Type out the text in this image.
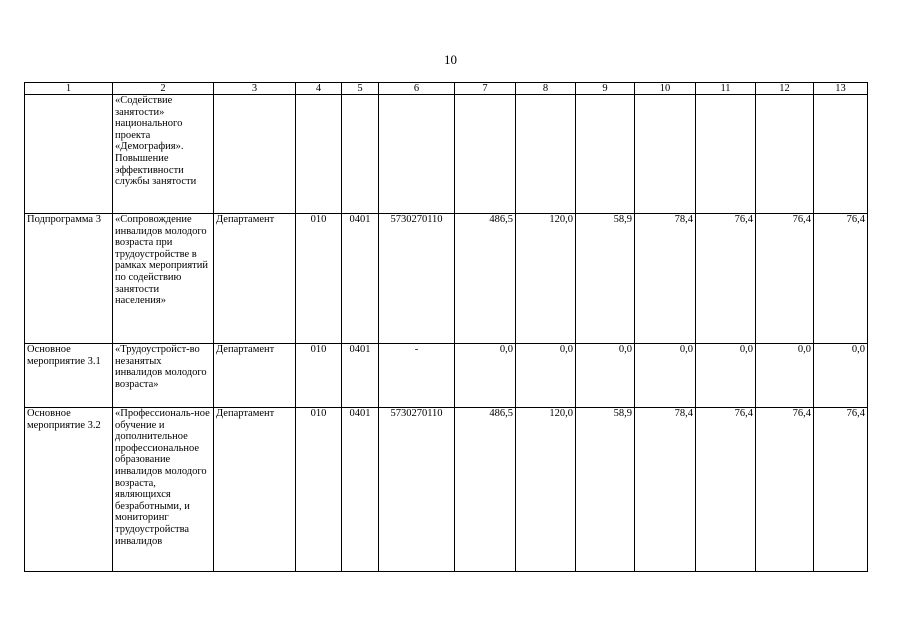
10
1	2	3	4	5	6	7	8	9	10	11	12	13
	«Содействие занятости» национального проекта «Демография». Повышение эффективности службы занятости											
Подпрограмма 3	«Сопровождение инвалидов молодого возраста при трудоустройстве в рамках мероприятий по содействию занятости населения»	Департамент	010	0401	5730270110	486,5	120,0	58,9	78,4	76,4	76,4	76,4
Основное мероприятие 3.1	«Трудоустройст-во незанятых инвалидов молодого возраста»	Департамент	010	0401	-	0,0	0,0	0,0	0,0	0,0	0,0	0,0
Основное мероприятие 3.2	«Профессиональ-ное обучение и дополнительное профессиональное образование инвалидов молодого возраста, являющихся безработными, и мониторинг трудоустройства инвалидов	Департамент	010	0401	5730270110	486,5	120,0	58,9	78,4	76,4	76,4	76,4
